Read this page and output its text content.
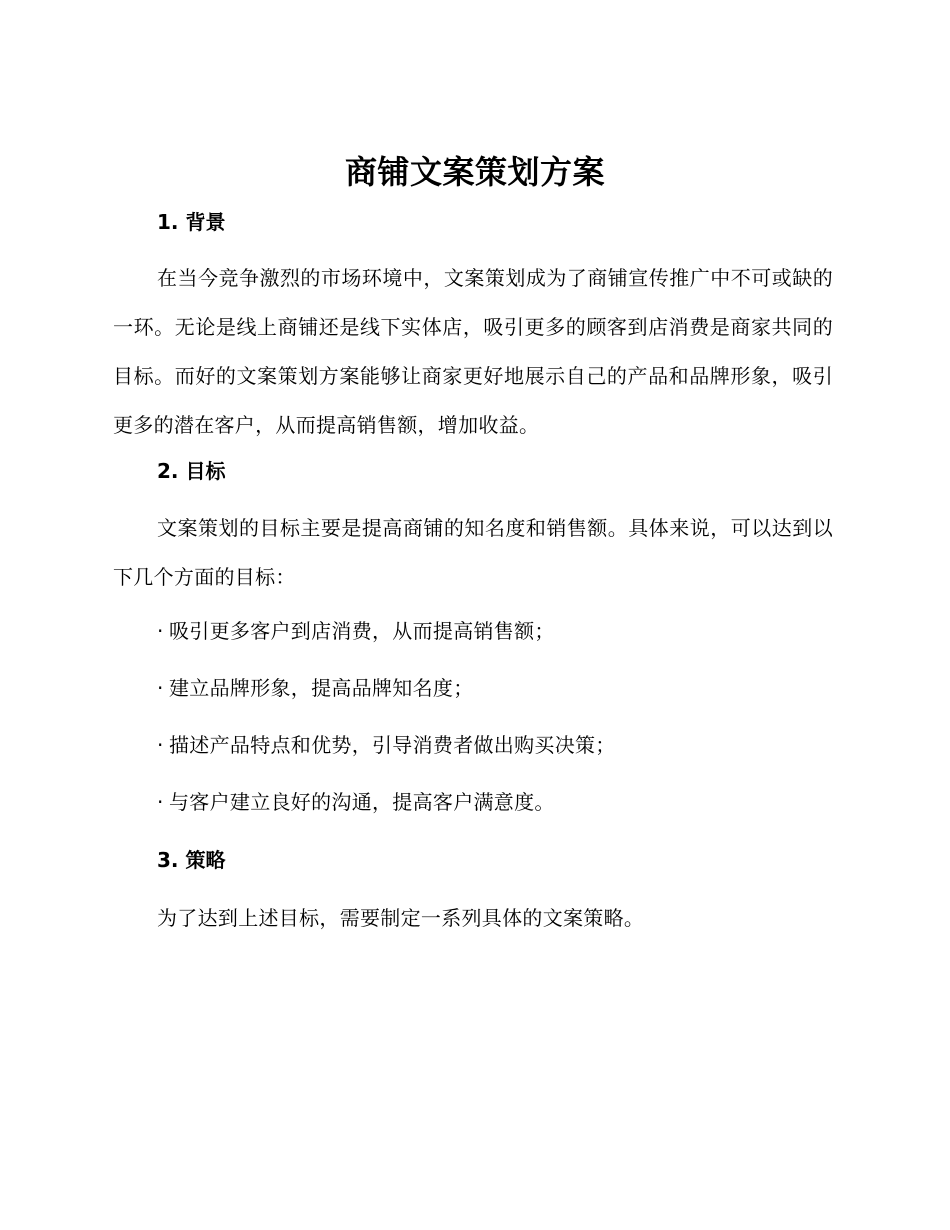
商铺文案策划方案
1. 背景
在当今竞争激烈的市场环境中，文案策划成为了商铺宣传推广中不可或缺的一环。无论是线上商铺还是线下实体店，吸引更多的顾客到店消费是商家共同的目标。而好的文案策划方案能够让商家更好地展示自己的产品和品牌形象，吸引更多的潜在客户，从而提高销售额，增加收益。
2. 目标
文案策划的目标主要是提高商铺的知名度和销售额。具体来说，可以达到以下几个方面的目标：
· 吸引更多客户到店消费，从而提高销售额；
· 建立品牌形象，提高品牌知名度；
· 描述产品特点和优势，引导消费者做出购买决策；
· 与客户建立良好的沟通，提高客户满意度。
3. 策略
为了达到上述目标，需要制定一系列具体的文案策略。
